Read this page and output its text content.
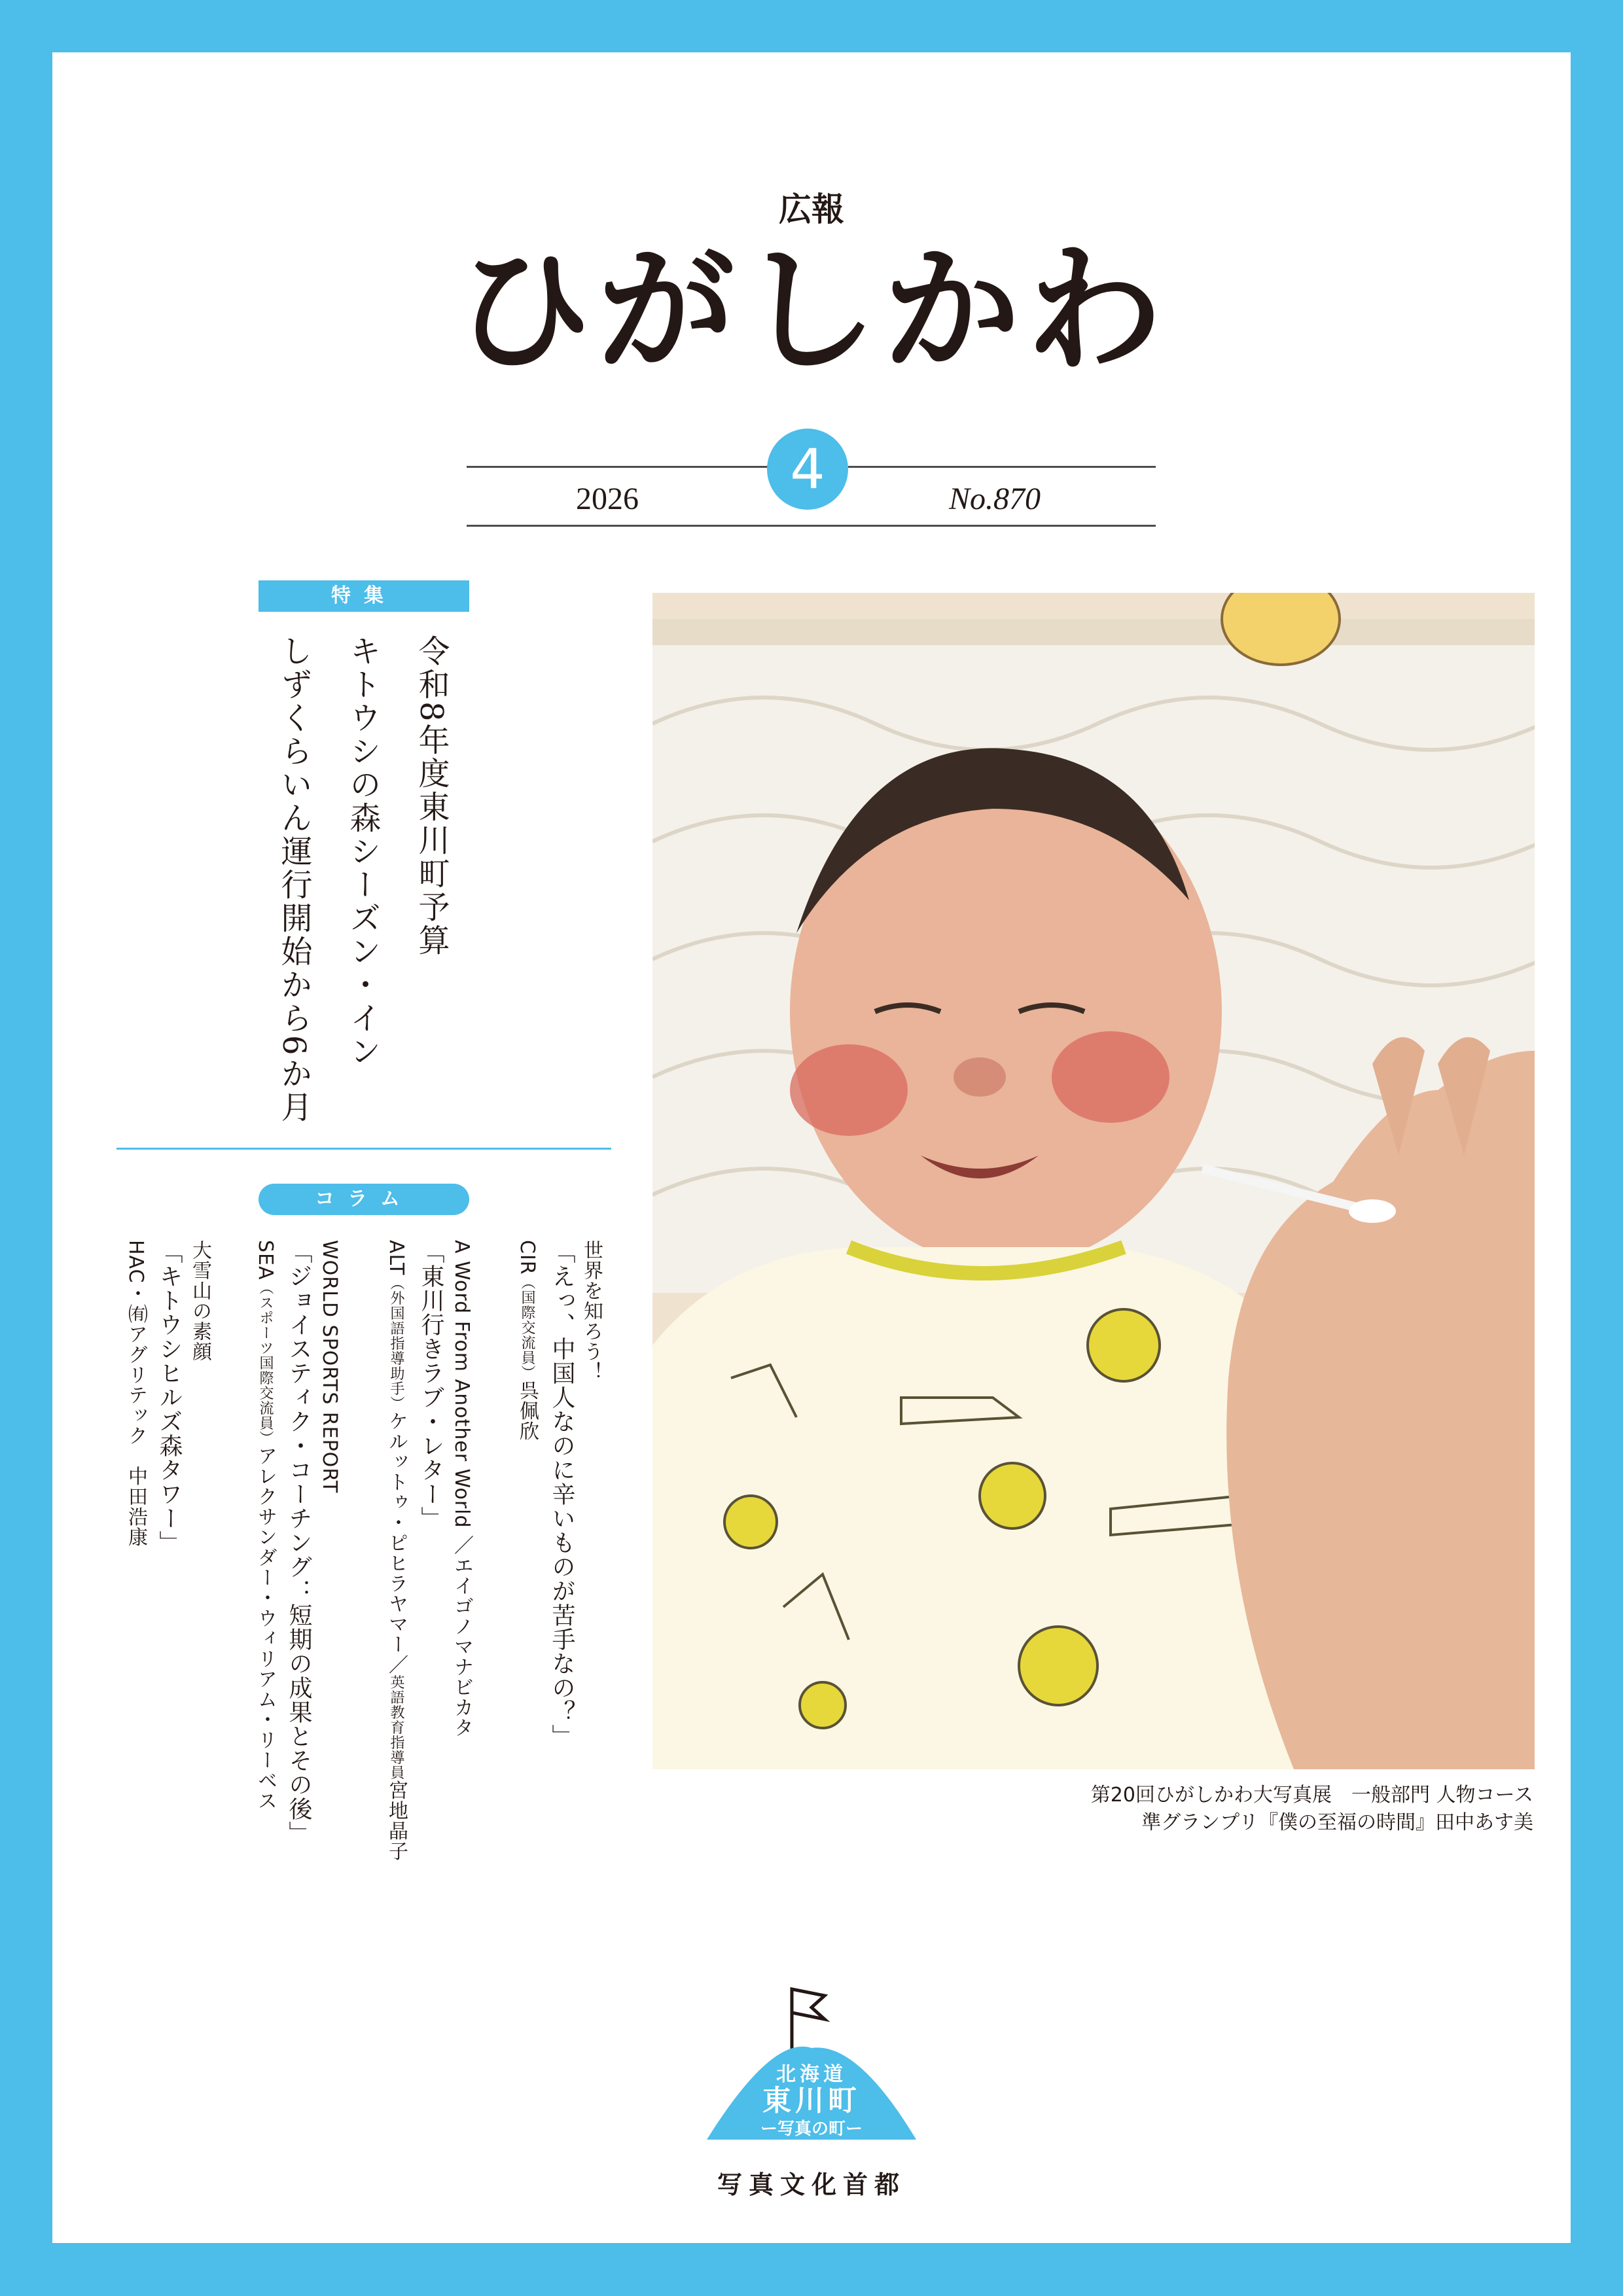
広報
ひがしかわ
4
2026	No.870
特集
令和8年度東川町予算
キトウシの森シーズン・イン
しずくらいん運行開始から6か月
コラム
世界を知ろう！
「えっ、中国人なのに辛いものが苦手なの？」
CIR（国際交流員）呉佩欣
A Word From Another World ／エイゴノマナビカタ
「東川行きラブ・レター」
ALT（外国語指導助手）ケルットゥ・ピヒラヤマー／英語教育指導員宮地晶子
WORLD SPORTS REPORT
「ジョイスティク・コーチング：短期の成果とその後」
SEA（スポーツ国際交流員）アレクサンダー・ウィリアム・リーベス
大雪山の素顔
「キトウシヒルズ森タワー」
HAC・㈲アグリテック　中田浩康
第20回ひがしかわ大写真展　一般部門 人物コース
準グランプリ『僕の至福の時間』田中あす美
北海道
東川町
ー写真の町ー
写真文化首都
